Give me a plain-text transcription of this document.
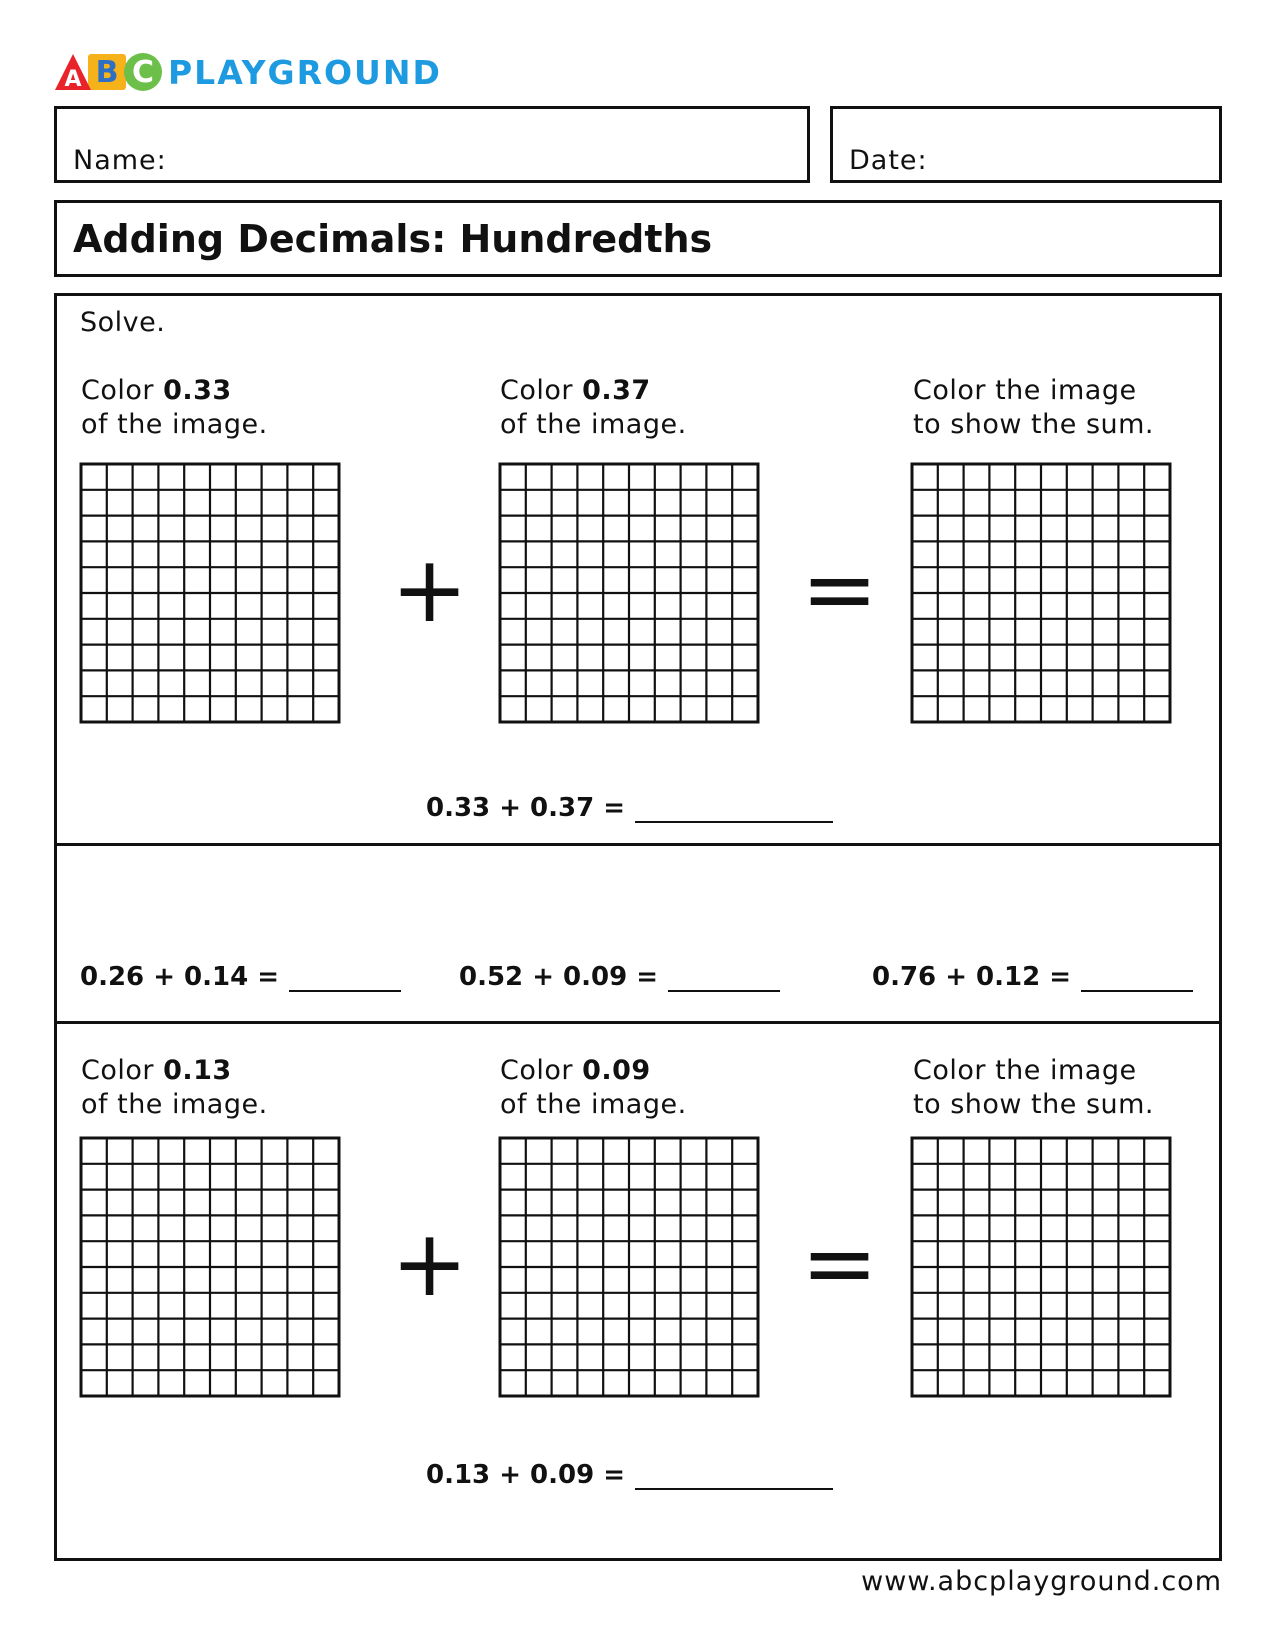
A B C PLAYGROUND
Name:	Date:
Adding Decimals: Hundredths
Solve.
Color 0.33
of the image.
Color 0.37
of the image.
Color the image
to show the sum.
+	=
0.33 + 0.37 =
0.26 + 0.14 =	0.52 + 0.09 =	0.76 + 0.12 =
Color 0.13
of the image.
Color 0.09
of the image.
Color the image
to show the sum.
+	=
0.13 + 0.09 =
www.abcplayground.com
